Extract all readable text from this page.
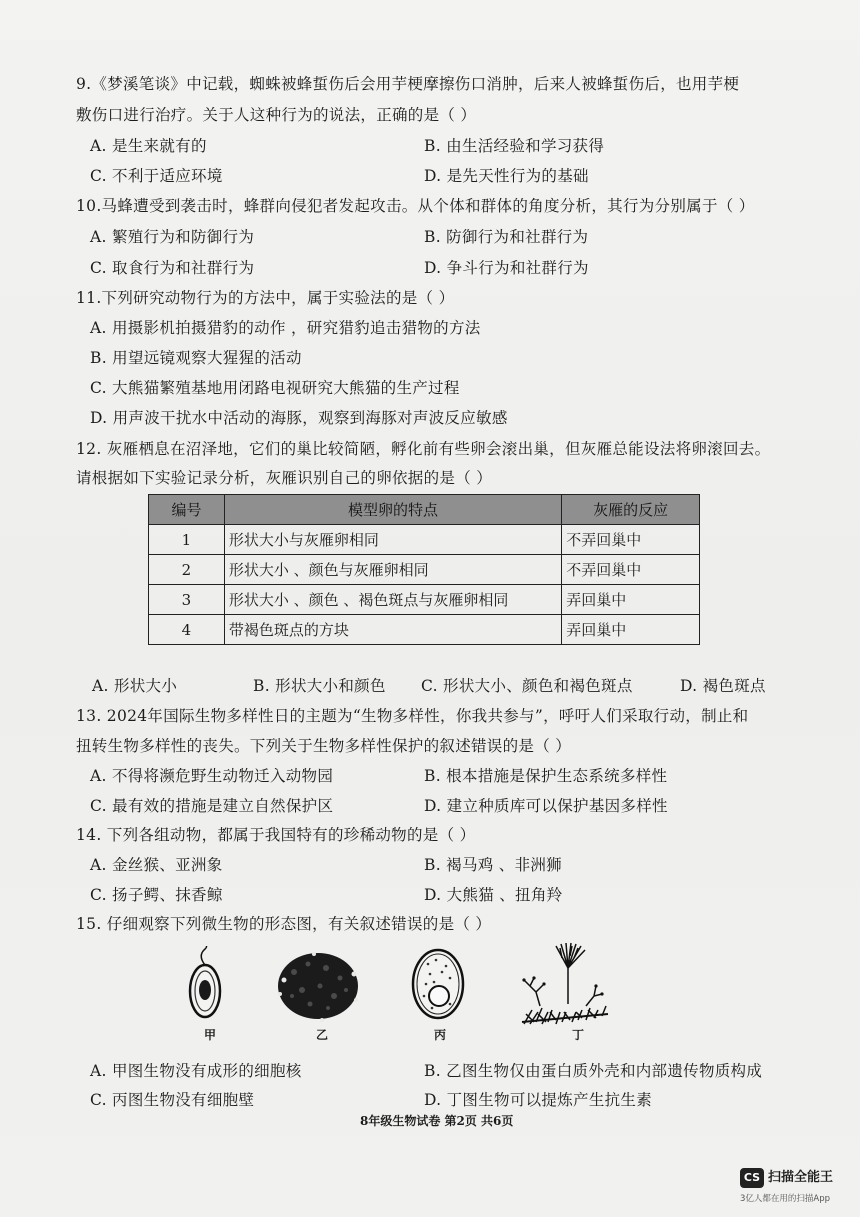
9.《梦溪笔谈》中记载，蜘蛛被蜂蜇伤后会用芋梗摩擦伤口消肿，后来人被蜂蜇伤后，也用芋梗
敷伤口进行治疗。关于人这种行为的说法，正确的是（ ）
A. 是生来就有的	B. 由生活经验和学习获得
C. 不利于适应环境	D. 是先天性行为的基础
10.马蜂遭受到袭击时，蜂群向侵犯者发起攻击。从个体和群体的角度分析，其行为分别属于（ ）
A. 繁殖行为和防御行为	B. 防御行为和社群行为
C. 取食行为和社群行为	D. 争斗行为和社群行为
11.下列研究动物行为的方法中，属于实验法的是（ ）
A. 用摄影机拍摄猎豹的动作 ，研究猎豹追击猎物的方法
B. 用望远镜观察大猩猩的活动
C. 大熊猫繁殖基地用闭路电视研究大熊猫的生产过程
D. 用声波干扰水中活动的海豚，观察到海豚对声波反应敏感
12. 灰雁栖息在沼泽地，它们的巢比较简陋，孵化前有些卵会滚出巢，但灰雁总能设法将卵滚回去。
请根据如下实验记录分析，灰雁识别自己的卵依据的是（ ）
编号	模型卵的特点	灰雁的反应
1	形状大小与灰雁卵相同	不弄回巢中
2	形状大小 、颜色与灰雁卵相同	不弄回巢中
3	形状大小 、颜色 、褐色斑点与灰雁卵相同	弄回巢中
4	带褐色斑点的方块	弄回巢中
A. 形状大小	B. 形状大小和颜色 C. 形状大小、颜色和褐色斑点	D. 褐色斑点
13. 2024年国际生物多样性日的主题为“生物多样性，你我共参与”，呼吁人们采取行动，制止和
扭转生物多样性的丧失。下列关于生物多样性保护的叙述错误的是（ ）
A. 不得将濒危野生动物迁入动物园	B. 根本措施是保护生态系统多样性
C. 最有效的措施是建立自然保护区	D. 建立种质库可以保护基因多样性
14. 下列各组动物，都属于我国特有的珍稀动物的是（ ）
A. 金丝猴、亚洲象	B. 褐马鸡 、非洲狮
C. 扬子鳄、抹香鲸	D. 大熊猫 、扭角羚
15. 仔细观察下列微生物的形态图，有关叙述错误的是（ ）
甲	乙	丙	丁
A. 甲图生物没有成形的细胞核	B. 乙图生物仅由蛋白质外壳和内部遗传物质构成
C. 丙图生物没有细胞壁	D. 丁图生物可以提炼产生抗生素
8年级生物试卷 第2页 共6页
CS 扫描全能王
3亿人都在用的扫描App
